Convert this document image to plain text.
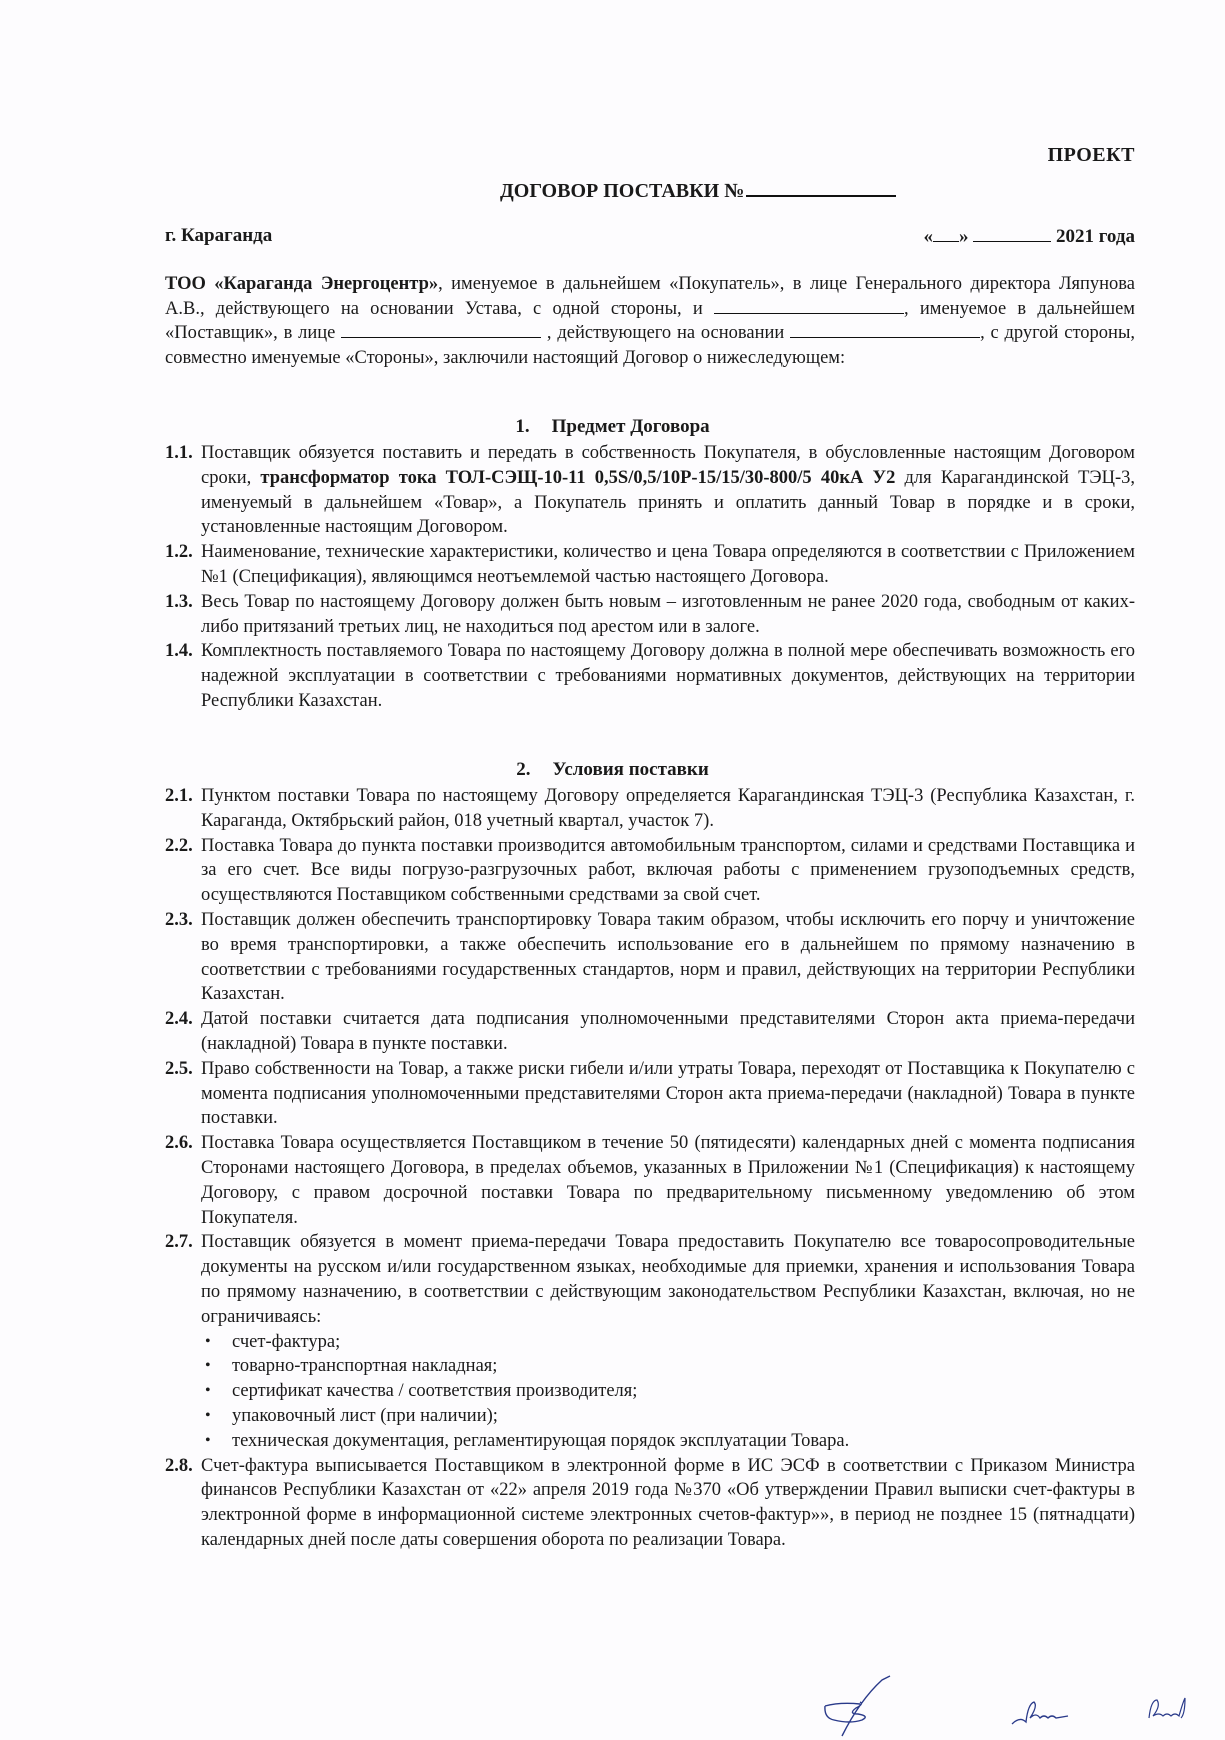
ПРОЕКТ
ДОГОВОР ПОСТАВКИ №
г. Караганда	« »	2021 года
ТОО «Караганда Энергоцентр», именуемое в дальнейшем «Покупатель», в лице Генерального директора Ляпунова А.В., действующего на основании Устава, с одной стороны, и	, именуемое в дальнейшем «Поставщик», в лице	, действующего на основании	, с другой стороны, совместно именуемые «Стороны», заключили настоящий Договор о нижеследующем:
1. Предмет Договора
1.1. Поставщик обязуется поставить и передать в собственность Покупателя, в обусловленные настоящим Договором сроки, трансформатор тока ТОЛ-СЭЩ-10-11 0,5S/0,5/10Р-15/15/30-800/5 40кА У2 для Карагандинской ТЭЦ-3, именуемый в дальнейшем «Товар», а Покупатель принять и оплатить данный Товар в порядке и в сроки, установленные настоящим Договором.
1.2. Наименование, технические характеристики, количество и цена Товара определяются в соответствии с Приложением №1 (Спецификация), являющимся неотъемлемой частью настоящего Договора.
1.3. Весь Товар по настоящему Договору должен быть новым – изготовленным не ранее 2020 года, свободным от каких-либо притязаний третьих лиц, не находиться под арестом или в залоге.
1.4. Комплектность поставляемого Товара по настоящему Договору должна в полной мере обеспечивать возможность его надежной эксплуатации в соответствии с требованиями нормативных документов, действующих на территории Республики Казахстан.
2. Условия поставки
2.1. Пунктом поставки Товара по настоящему Договору определяется Карагандинская ТЭЦ-3 (Республика Казахстан, г. Караганда, Октябрьский район, 018 учетный квартал, участок 7).
2.2. Поставка Товара до пункта поставки производится автомобильным транспортом, силами и средствами Поставщика и за его счет. Все виды погрузо-разгрузочных работ, включая работы с применением грузоподъемных средств, осуществляются Поставщиком собственными средствами за свой счет.
2.3. Поставщик должен обеспечить транспортировку Товара таким образом, чтобы исключить его порчу и уничтожение во время транспортировки, а также обеспечить использование его в дальнейшем по прямому назначению в соответствии с требованиями государственных стандартов, норм и правил, действующих на территории Республики Казахстан.
2.4. Датой поставки считается дата подписания уполномоченными представителями Сторон акта приема-передачи (накладной) Товара в пункте поставки.
2.5. Право собственности на Товар, а также риски гибели и/или утраты Товара, переходят от Поставщика к Покупателю с момента подписания уполномоченными представителями Сторон акта приема-передачи (накладной) Товара в пункте поставки.
2.6. Поставка Товара осуществляется Поставщиком в течение 50 (пятидесяти) календарных дней с момента подписания Сторонами настоящего Договора, в пределах объемов, указанных в Приложении №1 (Спецификация) к настоящему Договору, с правом досрочной поставки Товара по предварительному письменному уведомлению об этом Покупателя.
2.7. Поставщик обязуется в момент приема-передачи Товара предоставить Покупателю все товаросопроводительные документы на русском и/или государственном языках, необходимые для приемки, хранения и использования Товара по прямому назначению, в соответствии с действующим законодательством Республики Казахстан, включая, но не ограничиваясь:
•	счет-фактура;
•	товарно-транспортная накладная;
•	сертификат качества / соответствия производителя;
•	упаковочный лист (при наличии);
•	техническая документация, регламентирующая порядок эксплуатации Товара.
2.8. Счет-фактура выписывается Поставщиком в электронной форме в ИС ЭСФ в соответствии с Приказом Министра финансов Республики Казахстан от «22» апреля 2019 года №370 «Об утверждении Правил выписки счет-фактуры в электронной форме в информационной системе электронных счетов-фактур»», в период не позднее 15 (пятнадцати) календарных дней после даты совершения оборота по реализации Товара.
